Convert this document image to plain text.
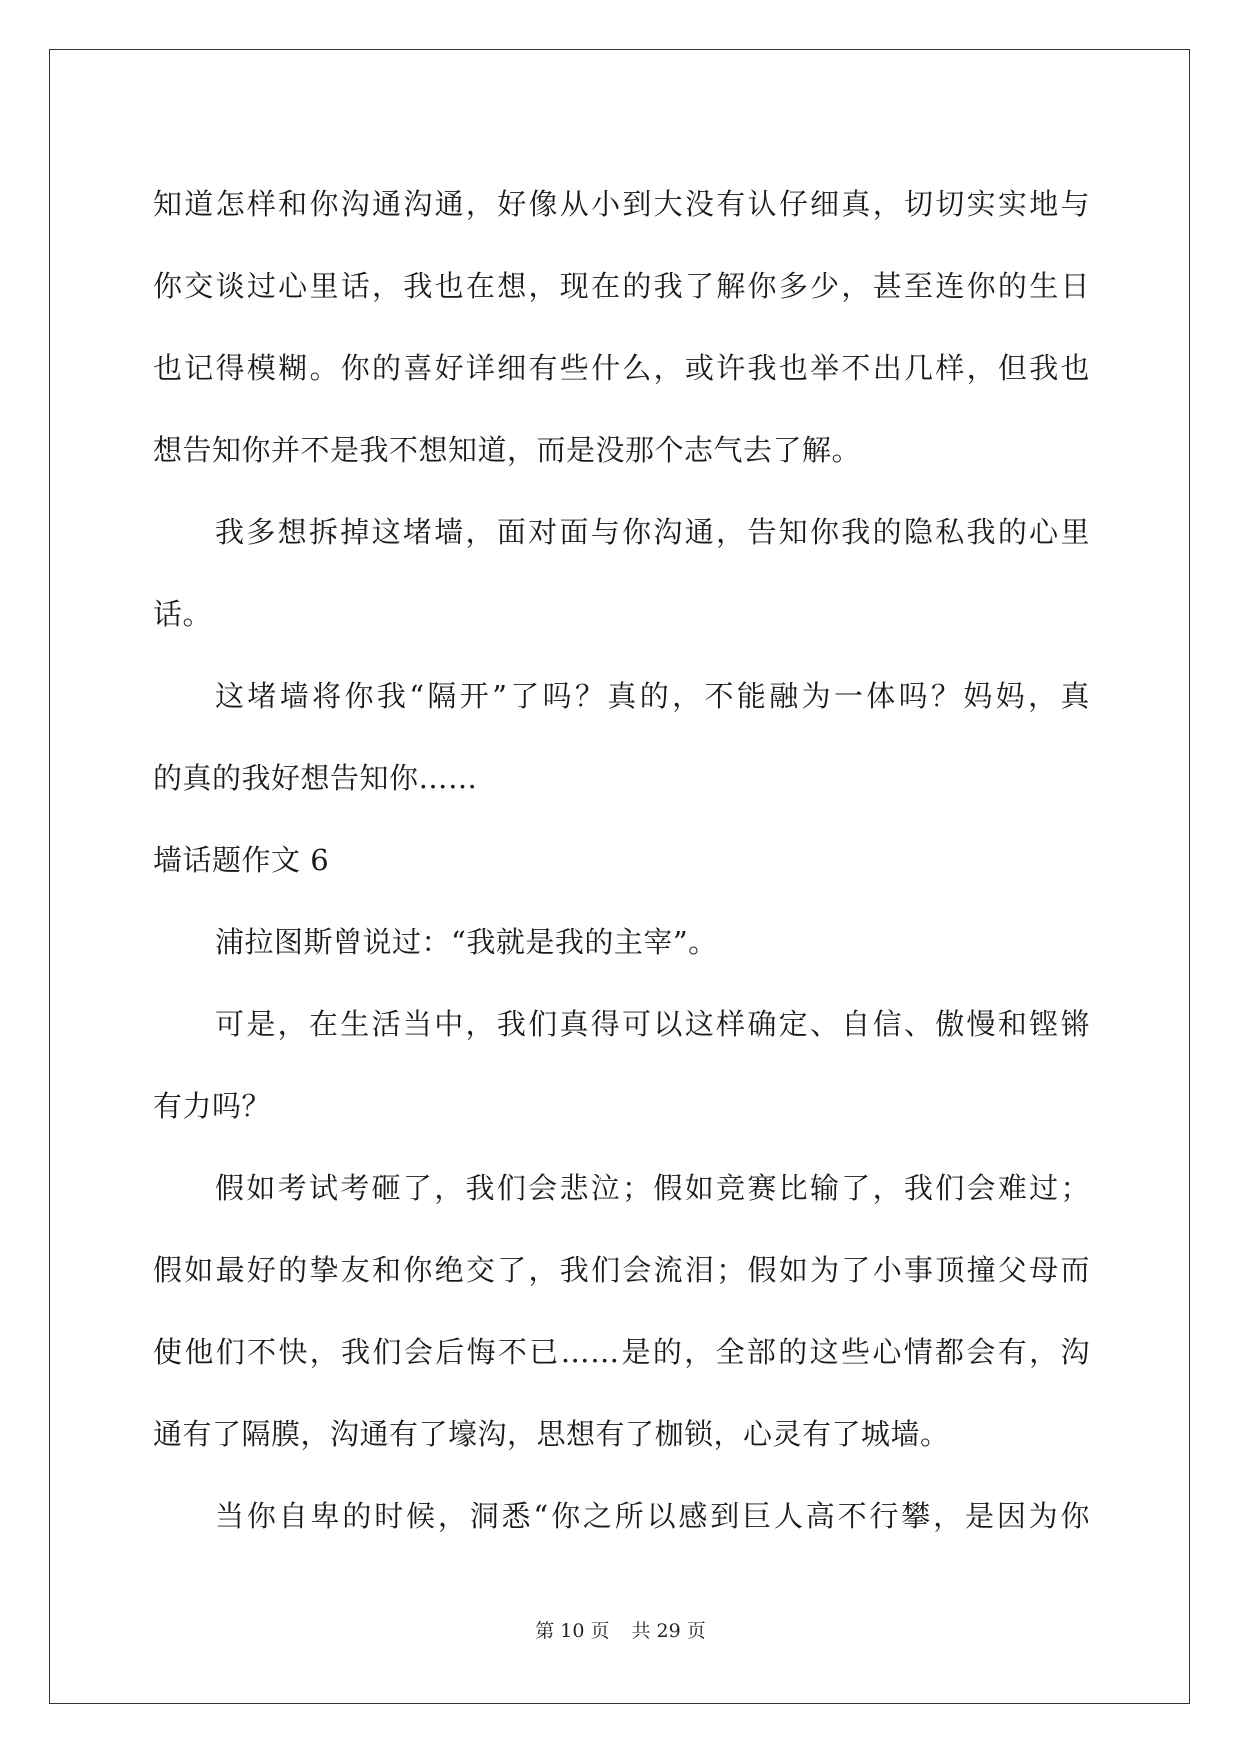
知道怎样和你沟通沟通，好像从小到大没有认仔细真，切切实实地与
你交谈过心里话，我也在想，现在的我了解你多少，甚至连你的生日
也记得模糊。你的喜好详细有些什么，或许我也举不出几样，但我也
想告知你并不是我不想知道，而是没那个志气去了解。
我多想拆掉这堵墙，面对面与你沟通，告知你我的隐私我的心里
话。
这堵墙将你我“隔开”了吗？真的，不能融为一体吗？妈妈，真
的真的我好想告知你……
墙话题作文 6
浦拉图斯曾说过：“我就是我的主宰”。
可是，在生活当中，我们真得可以这样确定、自信、傲慢和铿锵
有力吗？
假如考试考砸了，我们会悲泣；假如竞赛比输了，我们会难过；
假如最好的挚友和你绝交了，我们会流泪；假如为了小事顶撞父母而
使他们不快，我们会后悔不已……是的，全部的这些心情都会有，沟
通有了隔膜，沟通有了壕沟，思想有了枷锁，心灵有了城墙。
当你自卑的时候，洞悉“你之所以感到巨人高不行攀，是因为你
第 10 页 共 29 页
